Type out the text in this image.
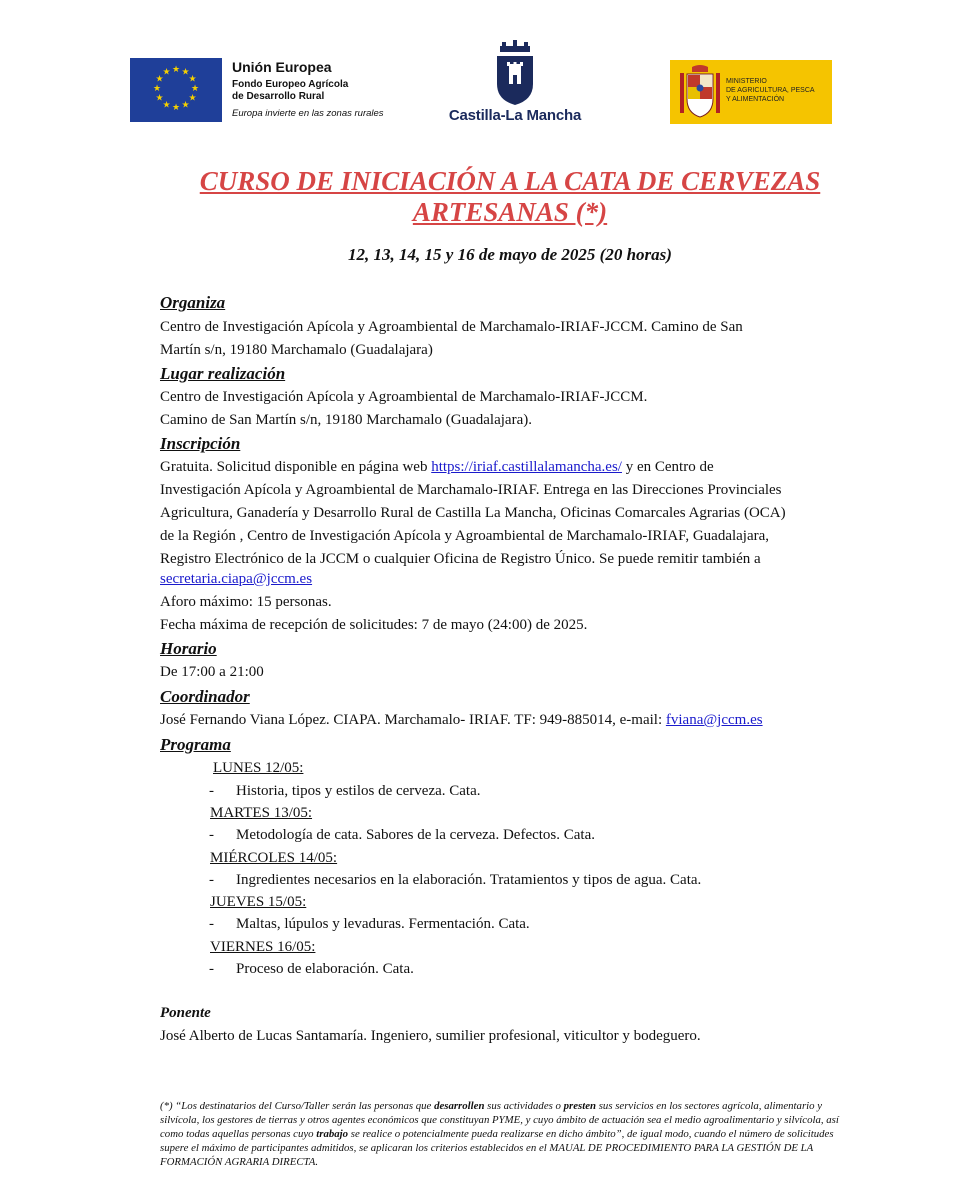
★ ★
★
★
★
★
★
★
★
★
★
★	Unión Europea
Fondo Europeo Agrícola
de Desarrollo Rural
Europa invierte en las zonas rurales	Castilla-La Mancha
MINISTERIO
DE AGRICULTURA, PESCA
Y ALIMENTACIÓN
CURSO DE INICIACIÓN A LA CATA DE CERVEZAS
ARTESANAS (*)
12, 13, 14, 15 y 16 de mayo de 2025 (20 horas)
Organiza
Centro de Investigación Apícola y Agroambiental de Marchamalo-IRIAF-JCCM. Camino de San
Martín s/n, 19180 Marchamalo (Guadalajara)
Lugar realización
Centro de Investigación Apícola y Agroambiental de Marchamalo-IRIAF-JCCM.
Camino de San Martín s/n, 19180 Marchamalo (Guadalajara).
Inscripción
Gratuita. Solicitud disponible en página web https://iriaf.castillalamancha.es/ y en Centro de
Investigación Apícola y Agroambiental de Marchamalo-IRIAF. Entrega en las Direcciones Provinciales
Agricultura, Ganadería y Desarrollo Rural de Castilla La Mancha, Oficinas Comarcales Agrarias (OCA)
de la Región , Centro de Investigación Apícola y Agroambiental de Marchamalo-IRIAF, Guadalajara,
Registro Electrónico de la JCCM o cualquier Oficina de Registro Único. Se puede remitir también a
secretaria.ciapa@jccm.es
Aforo máximo: 15 personas.
Fecha máxima de recepción de solicitudes: 7 de mayo (24:00) de 2025.
Horario
De 17:00 a 21:00
Coordinador
José Fernando Viana López. CIAPA. Marchamalo- IRIAF. TF: 949-885014, e-mail: fviana@jccm.es
Programa
LUNES 12/05:
- Historia, tipos y estilos de cerveza. Cata.
MARTES 13/05:
- Metodología de cata. Sabores de la cerveza. Defectos. Cata.
MIÉRCOLES 14/05:
- Ingredientes necesarios en la elaboración. Tratamientos y tipos de agua. Cata.
JUEVES 15/05:
- Maltas, lúpulos y levaduras. Fermentación. Cata.
VIERNES 16/05:
- Proceso de elaboración. Cata.
Ponente
José Alberto de Lucas Santamaría. Ingeniero, sumilier profesional, viticultor y bodeguero.
(*) “Los destinatarios del Curso/Taller serán las personas que desarrollen sus actividades o presten sus servicios en los sectores agrícola, alimentario y silvícola, los gestores de tierras y otros agentes económicos que constituyan PYME, y cuyo ámbito de actuación sea el medio agroalimentario y silvícola, así como todas aquellas personas cuyo trabajo se realice o potencialmente pueda realizarse en dicho ámbito”, de igual modo, cuando el número de solicitudes supere el máximo de participantes admitidos, se aplicaran los criterios establecidos en el MAUAL DE PROCEDIMIENTO PARA LA GESTIÓN DE LA FORMACIÓN AGRARIA DIRECTA.
